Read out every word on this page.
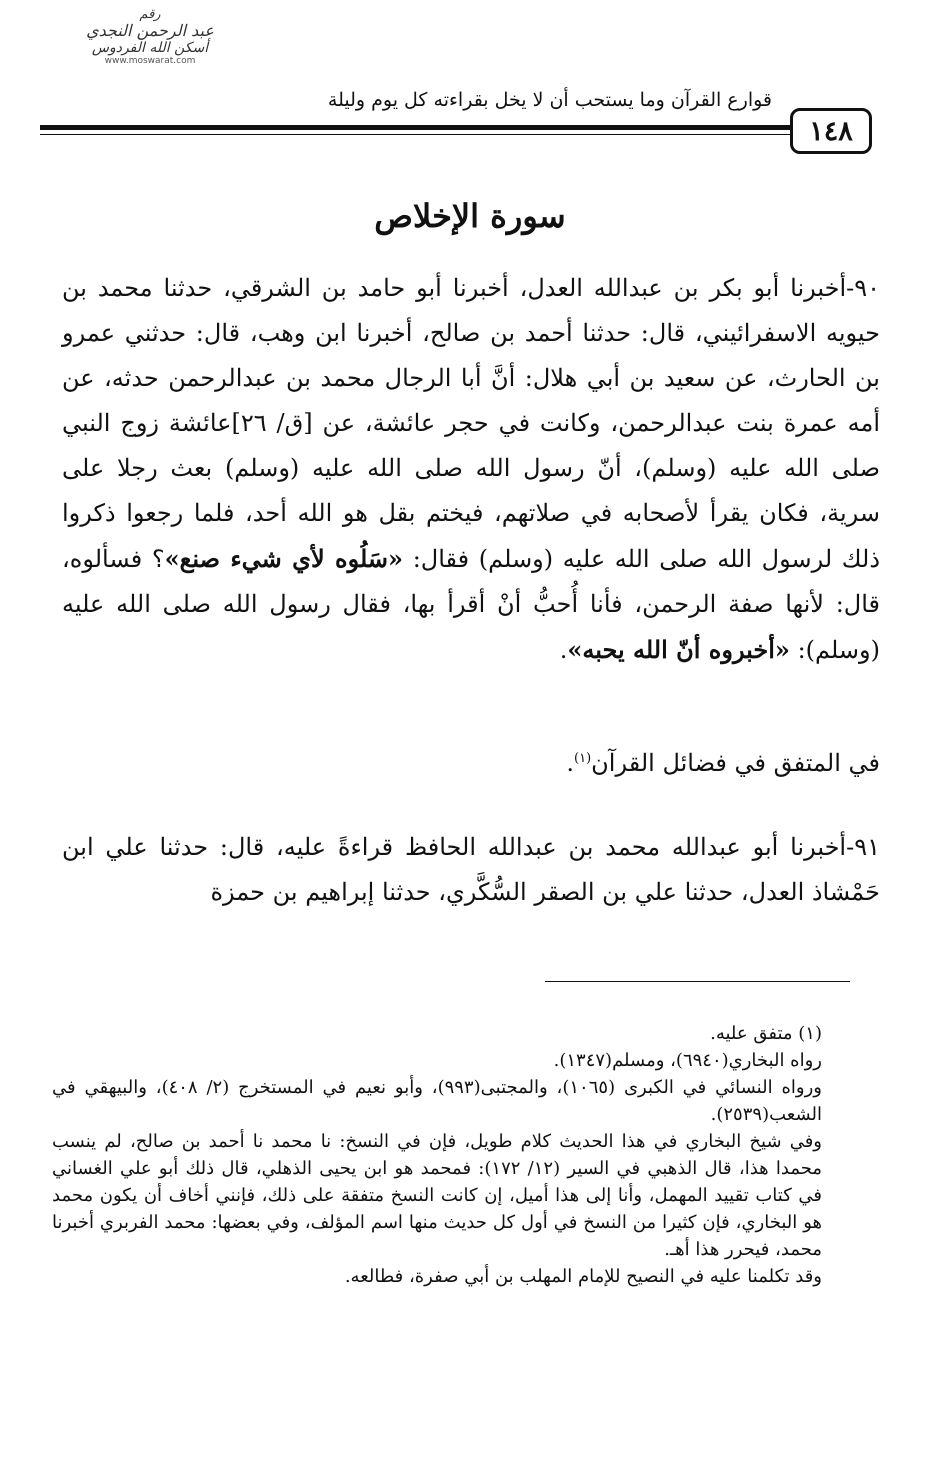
رقم
عبد الرحمن النجدي
أسكن الله الفردوس
www.moswarat.com
قوارع القرآن وما يستحب أن لا يخل بقراءته كل يوم وليلة
١٤٨
سورة الإخلاص
٩٠-أخبرنا أبو بكر بن عبدالله العدل، أخبرنا أبو حامد بن الشرقي، حدثنا محمد بن حيويه الاسفرائيني، قال: حدثنا أحمد بن صالح، أخبرنا ابن وهب، قال: حدثني عمرو بن الحارث، عن سعيد بن أبي هلال: أنَّ أبا الرجال محمد بن عبدالرحمن حدثه، عن أمه عمرة بنت عبدالرحمن، وكانت في حجر عائشة، عن [ق/ ٢٦]عائشة زوج النبي صلى الله عليه (وسلم)، أنّ رسول الله صلى الله عليه (وسلم) بعث رجلا على سرية، فكان يقرأ لأصحابه في صلاتهم، فيختم بقل هو الله أحد، فلما رجعوا ذكروا ذلك لرسول الله صلى الله عليه (وسلم) فقال: «سَلُوه لأي شيء صنع»؟ فسألوه، قال: لأنها صفة الرحمن، فأنا أُحبُّ أنْ أقرأ بها، فقال رسول الله صلى الله عليه (وسلم): «أخبروه أنّ الله يحبه».
في المتفق في فضائل القرآن$^{(١)}$.
٩١-أخبرنا أبو عبدالله محمد بن عبدالله الحافظ قراءةً عليه، قال: حدثنا علي ابن حَمْشاذ العدل، حدثنا علي بن الصقر السُّكَّري، حدثنا إبراهيم بن حمزة

(١) متفق عليه.

رواه البخاري(٦٩٤٠)، ومسلم(١٣٤٧).

ورواه النسائي في الكبرى (١٠٦٥)، والمجتبى(٩٩٣)، وأبو نعيم في المستخرج (٢/ ٤٠٨)، والبيهقي في الشعب(٢٥٣٩).

وفي شيخ البخاري في هذا الحديث كلام طويل، فإن في النسخ: نا محمد نا أحمد بن صالح، لم ينسب محمدا هذا، قال الذهبي في السير (١٢/ ١٧٢): فمحمد هو ابن يحيى الذهلي، قال ذلك أبو علي الغساني في كتاب تقييد المهمل، وأنا إلى هذا أميل، إن كانت النسخ متفقة على ذلك، فإنني أخاف أن يكون محمد هو البخاري، فإن كثيرا من النسخ في أول كل حديث منها اسم المؤلف، وفي بعضها: محمد الفربري أخبرنا محمد، فيحرر هذا أهـ.

وقد تكلمنا عليه في النصيح للإمام المهلب بن أبي صفرة، فطالعه.
